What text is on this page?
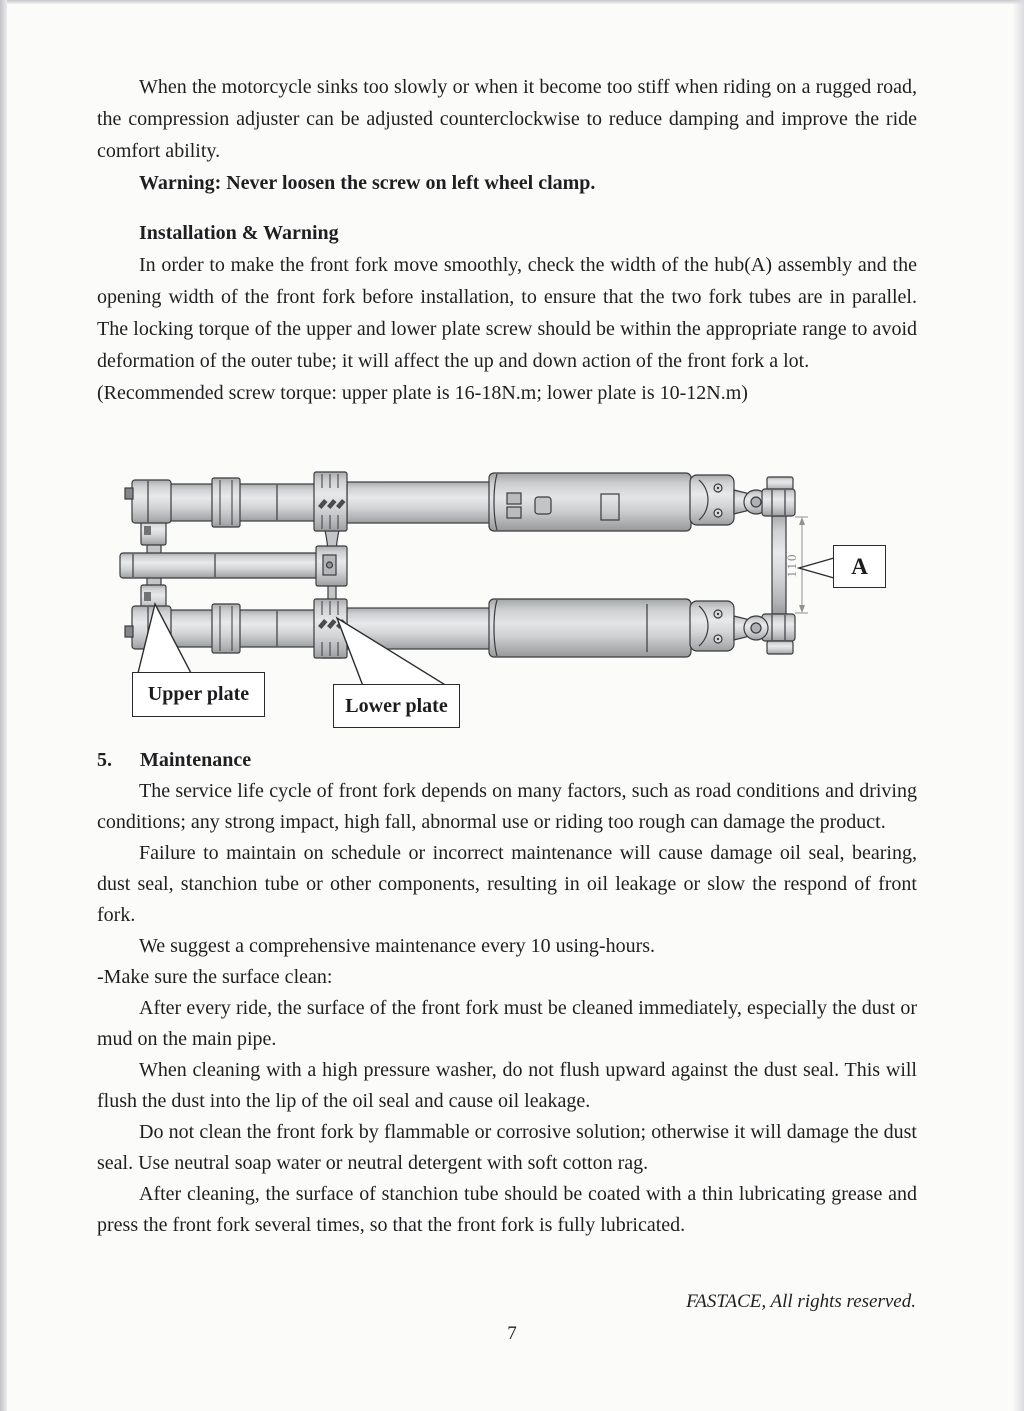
When the motorcycle sinks too slowly or when it become too stiff when riding on a rugged road, the compression adjuster can be adjusted counterclockwise to reduce damping and improve the ride comfort ability.

Warning: Never loosen the screw on left wheel clamp.

Installation & Warning

In order to make the front fork move smoothly, check the width of the hub(A) assembly and the opening width of the front fork before installation, to ensure that the two fork tubes are in parallel. The locking torque of the upper and lower plate screw should be within the appropriate range to avoid deformation of the outer tube; it will affect the up and down action of the front fork a lot.

(Recommended screw torque: upper plate is 16-18N.m; lower plate is 10-12N.m)

110
Upper plate
Lower plate
A

5. Maintenance

The service life cycle of front fork depends on many factors, such as road conditions and driving conditions; any strong impact, high fall, abnormal use or riding too rough can damage the product.

Failure to maintain on schedule or incorrect maintenance will cause damage oil seal, bearing, dust seal, stanchion tube or other components, resulting in oil leakage or slow the respond of front fork.

We suggest a comprehensive maintenance every 10 using-hours.

-Make sure the surface clean:

After every ride, the surface of the front fork must be cleaned immediately, especially the dust or mud on the main pipe.

When cleaning with a high pressure washer, do not flush upward against the dust seal. This will flush the dust into the lip of the oil seal and cause oil leakage.

Do not clean the front fork by flammable or corrosive solution; otherwise it will damage the dust seal. Use neutral soap water or neutral detergent with soft cotton rag.

After cleaning, the surface of stanchion tube should be coated with a thin lubricating grease and press the front fork several times, so that the front fork is fully lubricated.

FASTACE, All rights reserved.
7
